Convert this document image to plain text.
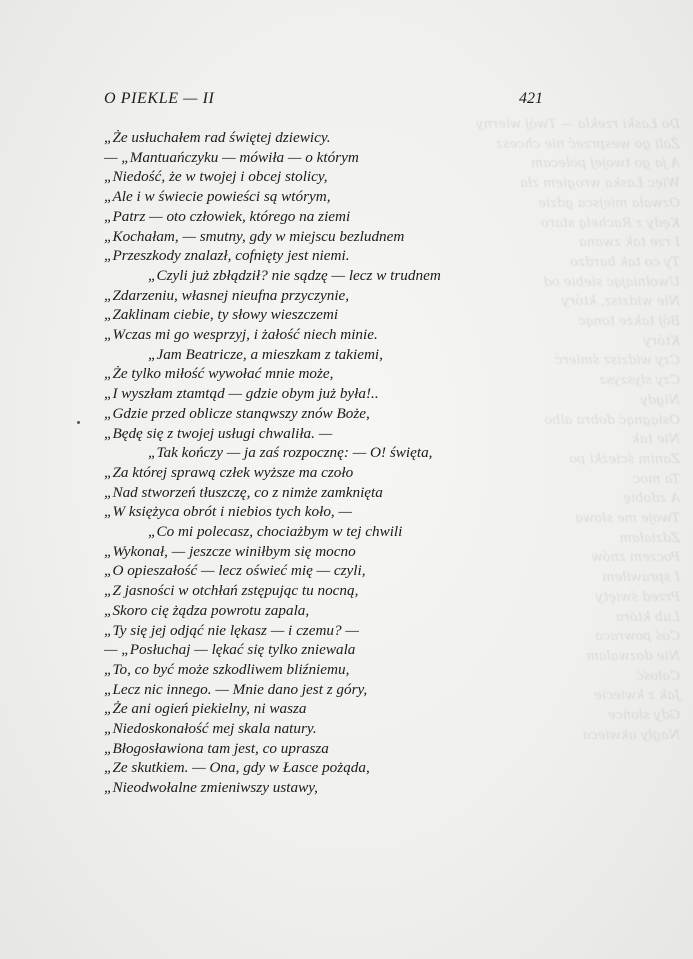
Do Łaski rzekła — Twój wierny
Żali go wesprzeć nie chcesz
A ja go twojej polecam
Więc Łaska wrogiem zła
Ozwała miejsca gdzie
Kędy z Rachelą staro
I rze tak zwana
Ty co tak bardzo
Uwolniając siebie od
Nie widzisz, który
Bój także tonąc
Który
Czy widzisz śmierć
Czy słyszysz
Nigdy
Osiągnąć dobra albo
Nie tak
Zanim ścieżki po
Ta moc
A zdobię
Twoje me słowa
Zdziałam
Poczem znów
I sprawiłem
Przed święty
Lub która
Coś powraca
Nie dozwalam
Całość
Jak z kwiecie
Gdy słońce
Nagły ukwieca
O PIEKLE — II	421
„Że usłuchałem rad świętej dziewicy.
— „Mantuańczyku — mówiła — o którym
„Niedość, że w twojej i obcej stolicy,
„Ale i w świecie powieści są wtórym,
„Patrz — oto człowiek, którego na ziemi
„Kochałam, — smutny, gdy w miejscu bezludnem
„Przeszkody znalazł, cofnięty jest niemi.
„Czyli już zbłądził? nie sądzę — lecz w trudnem
„Zdarzeniu, własnej nieufna przyczynie,
„Zaklinam ciebie, ty słowy wieszczemi
„Wczas mi go wesprzyj, i żałość niech minie.
„Jam Beatricze, a mieszkam z takiemi,
„Że tylko miłość wywołać mnie może,
„I wyszłam ztamtąd — gdzie obym już była!..
„Gdzie przed oblicze stanąwszy znów Boże,
„Będę się z twojej usługi chwaliła. —
„Tak kończy — ja zaś rozpocznę: — O! święta,
„Za której sprawą człek wyższe ma czoło
„Nad stworzeń tłuszczę, co z nimże zamknięta
„W księżyca obrót i niebios tych koło, —
„Co mi polecasz, chociażbym w tej chwili
„Wykonał, — jeszcze winiłbym się mocno
„O opieszałość — lecz oświeć mię — czyli,
„Z jasności w otchłań zstępując tu nocną,
„Skoro cię żądza powrotu zapala,
„Ty się jej odjąć nie lękasz — i czemu? —
— „Posłuchaj — lękać się tylko zniewala
„To, co być może szkodliwem bliźniemu,
„Lecz nic innego. — Mnie dano jest z góry,
„Że ani ogień piekielny, ni wasza
„Niedoskonałość mej skala natury.
„Błogosławiona tam jest, co uprasza
„Ze skutkiem. — Ona, gdy w Łasce pożąda,
„Nieodwołalne zmieniwszy ustawy,
